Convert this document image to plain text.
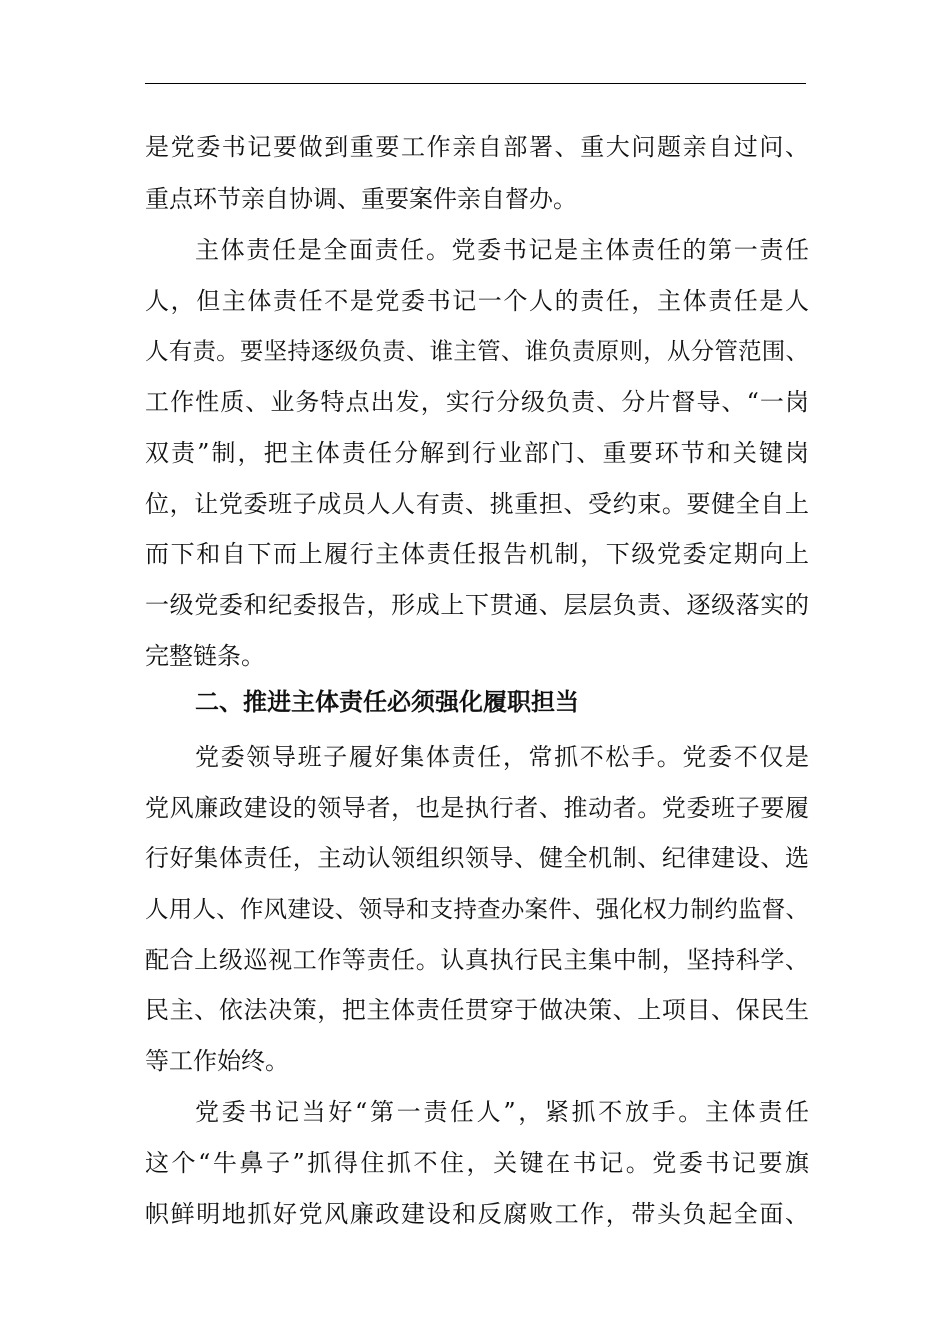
是党委书记要做到重要工作亲自部署、重大问题亲自过问、
重点环节亲自协调、重要案件亲自督办。
主体责任是全面责任。党委书记是主体责任的第一责任
人，但主体责任不是党委书记一个人的责任，主体责任是人
人有责。要坚持逐级负责、谁主管、谁负责原则，从分管范围、
工作性质、业务特点出发，实行分级负责、分片督导、“一岗
双责”制，把主体责任分解到行业部门、重要环节和关键岗
位，让党委班子成员人人有责、挑重担、受约束。要健全自上
而下和自下而上履行主体责任报告机制，下级党委定期向上
一级党委和纪委报告，形成上下贯通、层层负责、逐级落实的
完整链条。
二、推进主体责任必须强化履职担当
党委领导班子履好集体责任，常抓不松手。党委不仅是
党风廉政建设的领导者，也是执行者、推动者。党委班子要履
行好集体责任，主动认领组织领导、健全机制、纪律建设、选
人用人、作风建设、领导和支持查办案件、强化权力制约监督、
配合上级巡视工作等责任。认真执行民主集中制，坚持科学、
民主、依法决策，把主体责任贯穿于做决策、上项目、保民生
等工作始终。
党委书记当好“第一责任人”，紧抓不放手。主体责任
这个“牛鼻子”抓得住抓不住，关键在书记。党委书记要旗
帜鲜明地抓好党风廉政建设和反腐败工作，带头负起全面、
